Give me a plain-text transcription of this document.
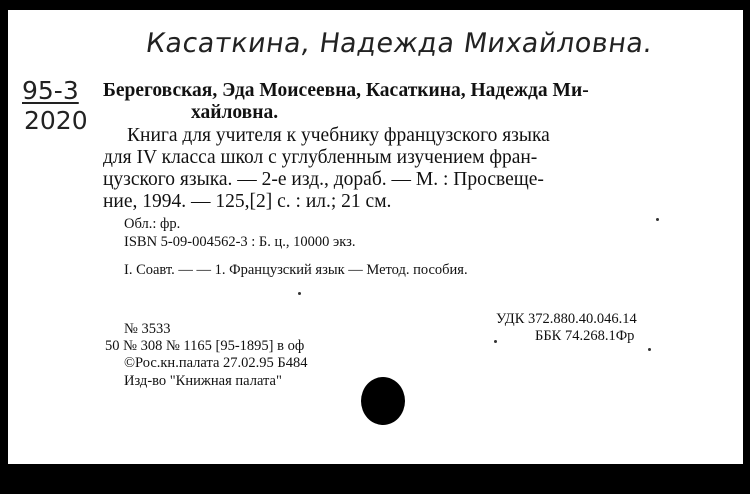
Касаткина, Надежда Михайловна.
95-3
2020

Береговская, Эда Моисеевна, Касаткина, Надежда Ми-
хайловна.

Книга для учителя к учебнику французского языка
для IV класса школ с углубленным изучением фран-
цузского языка. — 2-е изд., дораб. — М. : Просвеще-
ние, 1994. — 125,[2] с. : ил.; 21 см.

Обл.: фр.
ISBN 5-09-004562-3 : Б. ц., 10000 экз.
I. Соавт. — — 1. Французский язык — Метод. пособия.
УДК 372.880.40.046.14
ББК 74.268.1Фр
№ 3533
50 № 308 № 1165 [95-1895] в оф
©Рос.кн.палата 27.02.95 Б484
Изд-во "Книжная палата"
